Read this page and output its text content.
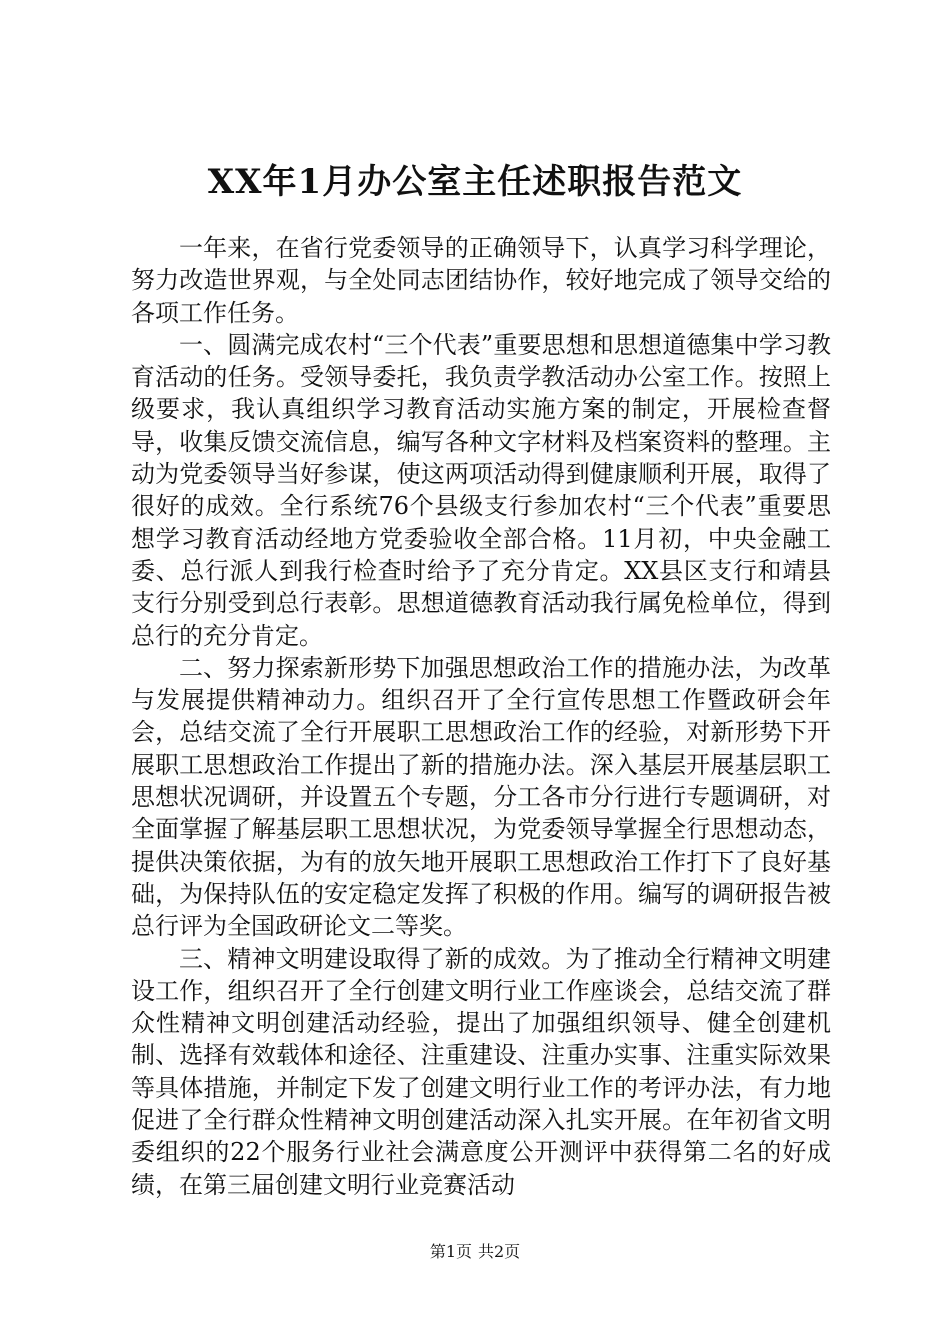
XX年1月办公室主任述职报告范文

一年来，在省行党委领导的正确领导下，认真学习科学理论，努力改造世界观，与全处同志团结协作，较好地完成了领导交给的各项工作任务。

一、圆满完成农村“三个代表”重要思想和思想道德集中学习教育活动的任务。受领导委托，我负责学教活动办公室工作。按照上级要求，我认真组织学习教育活动实施方案的制定，开展检查督导，收集反馈交流信息，编写各种文字材料及档案资料的整理。主动为党委领导当好参谋，使这两项活动得到健康顺利开展，取得了很好的成效。全行系统76个县级支行参加农村“三个代表”重要思想学习教育活动经地方党委验收全部合格。11月初，中央金融工委、总行派人到我行检查时给予了充分肯定。XX县区支行和靖县支行分别受到总行表彰。思想道德教育活动我行属免检单位，得到总行的充分肯定。

二、努力探索新形势下加强思想政治工作的措施办法，为改革与发展提供精神动力。组织召开了全行宣传思想工作暨政研会年会，总结交流了全行开展职工思想政治工作的经验，对新形势下开展职工思想政治工作提出了新的措施办法。深入基层开展基层职工思想状况调研，并设置五个专题，分工各市分行进行专题调研，对全面掌握了解基层职工思想状况，为党委领导掌握全行思想动态，提供决策依据，为有的放矢地开展职工思想政治工作打下了良好基础，为保持队伍的安定稳定发挥了积极的作用。编写的调研报告被总行评为全国政研论文二等奖。

三、精神文明建设取得了新的成效。为了推动全行精神文明建设工作，组织召开了全行创建文明行业工作座谈会，总结交流了群众性精神文明创建活动经验，提出了加强组织领导、健全创建机制、选择有效载体和途径、注重建设、注重办实事、注重实际效果等具体措施，并制定下发了创建文明行业工作的考评办法，有力地促进了全行群众性精神文明创建活动深入扎实开展。在年初省文明委组织的22个服务行业社会满意度公开测评中获得第二名的好成绩，在第三届创建文明行业竞赛活动

第1页 共2页
